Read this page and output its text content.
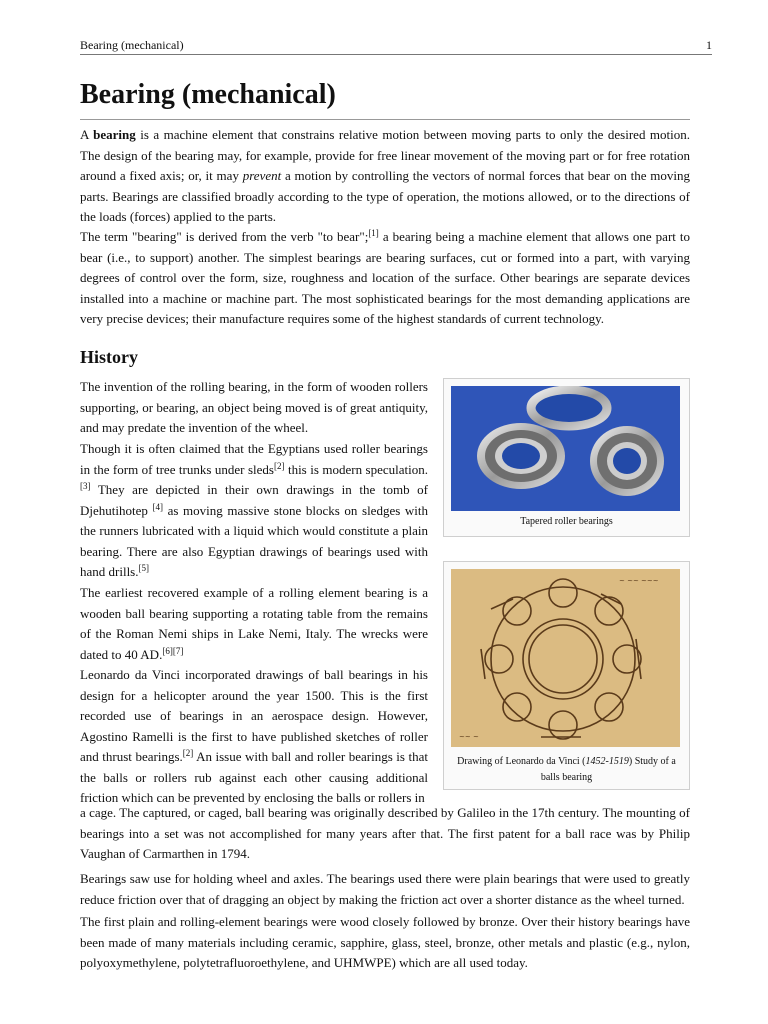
Bearing (mechanical)	1
Bearing (mechanical)

A bearing is a machine element that constrains relative motion between moving parts to only the desired motion. The design of the bearing may, for example, provide for free linear movement of the moving part or for free rotation around a fixed axis; or, it may prevent a motion by controlling the vectors of normal forces that bear on the moving parts. Bearings are classified broadly according to the type of operation, the motions allowed, or to the directions of the loads (forces) applied to the parts.

The term "bearing" is derived from the verb "to bear";[1] a bearing being a machine element that allows one part to bear (i.e., to support) another. The simplest bearings are bearing surfaces, cut or formed into a part, with varying degrees of control over the form, size, roughness and location of the surface. Other bearings are separate devices installed into a machine or machine part. The most sophisticated bearings for the most demanding applications are very precise devices; their manufacture requires some of the highest standards of current technology.

History

The invention of the rolling bearing, in the form of wooden rollers supporting, or bearing, an object being moved is of great antiquity, and may predate the invention of the wheel.

Though it is often claimed that the Egyptians used roller bearings in the form of tree trunks under sleds[2] this is modern speculation.[3] They are depicted in their own drawings in the tomb of Djehutihotep [4] as moving massive stone blocks on sledges with the runners lubricated with a liquid which would constitute a plain bearing. There are also Egyptian drawings of bearings used with hand drills.[5]

The earliest recovered example of a rolling element bearing is a wooden ball bearing supporting a rotating table from the remains of the Roman Nemi ships in Lake Nemi, Italy. The wrecks were dated to 40 AD.[6][7]

Leonardo da Vinci incorporated drawings of ball bearings in his design for a helicopter around the year 1500. This is the first recorded use of bearings in an aerospace design. However, Agostino Ramelli is the first to have published sketches of roller and thrust bearings.[2] An issue with ball and roller bearings is that the balls or rollers rub against each other causing additional friction which can be prevented by enclosing the balls or rollers in

a cage. The captured, or caged, ball bearing was originally described by Galileo in the 17th century. The mounting of bearings into a set was not accomplished for many years after that. The first patent for a ball race was by Philip Vaughan of Carmarthen in 1794.

Bearings saw use for holding wheel and axles. The bearings used there were plain bearings that were used to greatly reduce friction over that of dragging an object by making the friction act over a shorter distance as the wheel turned.

The first plain and rolling-element bearings were wood closely followed by bronze. Over their history bearings have been made of many materials including ceramic, sapphire, glass, steel, bronze, other metals and plastic (e.g., nylon, polyoxymethylene, polytetrafluoroethylene, and UHMWPE) which are all used today.

Tapered roller bearings
~ ~~ ~~~
~~ ~
Drawing of Leonardo da Vinci (1452-1519) Study of a balls bearing
